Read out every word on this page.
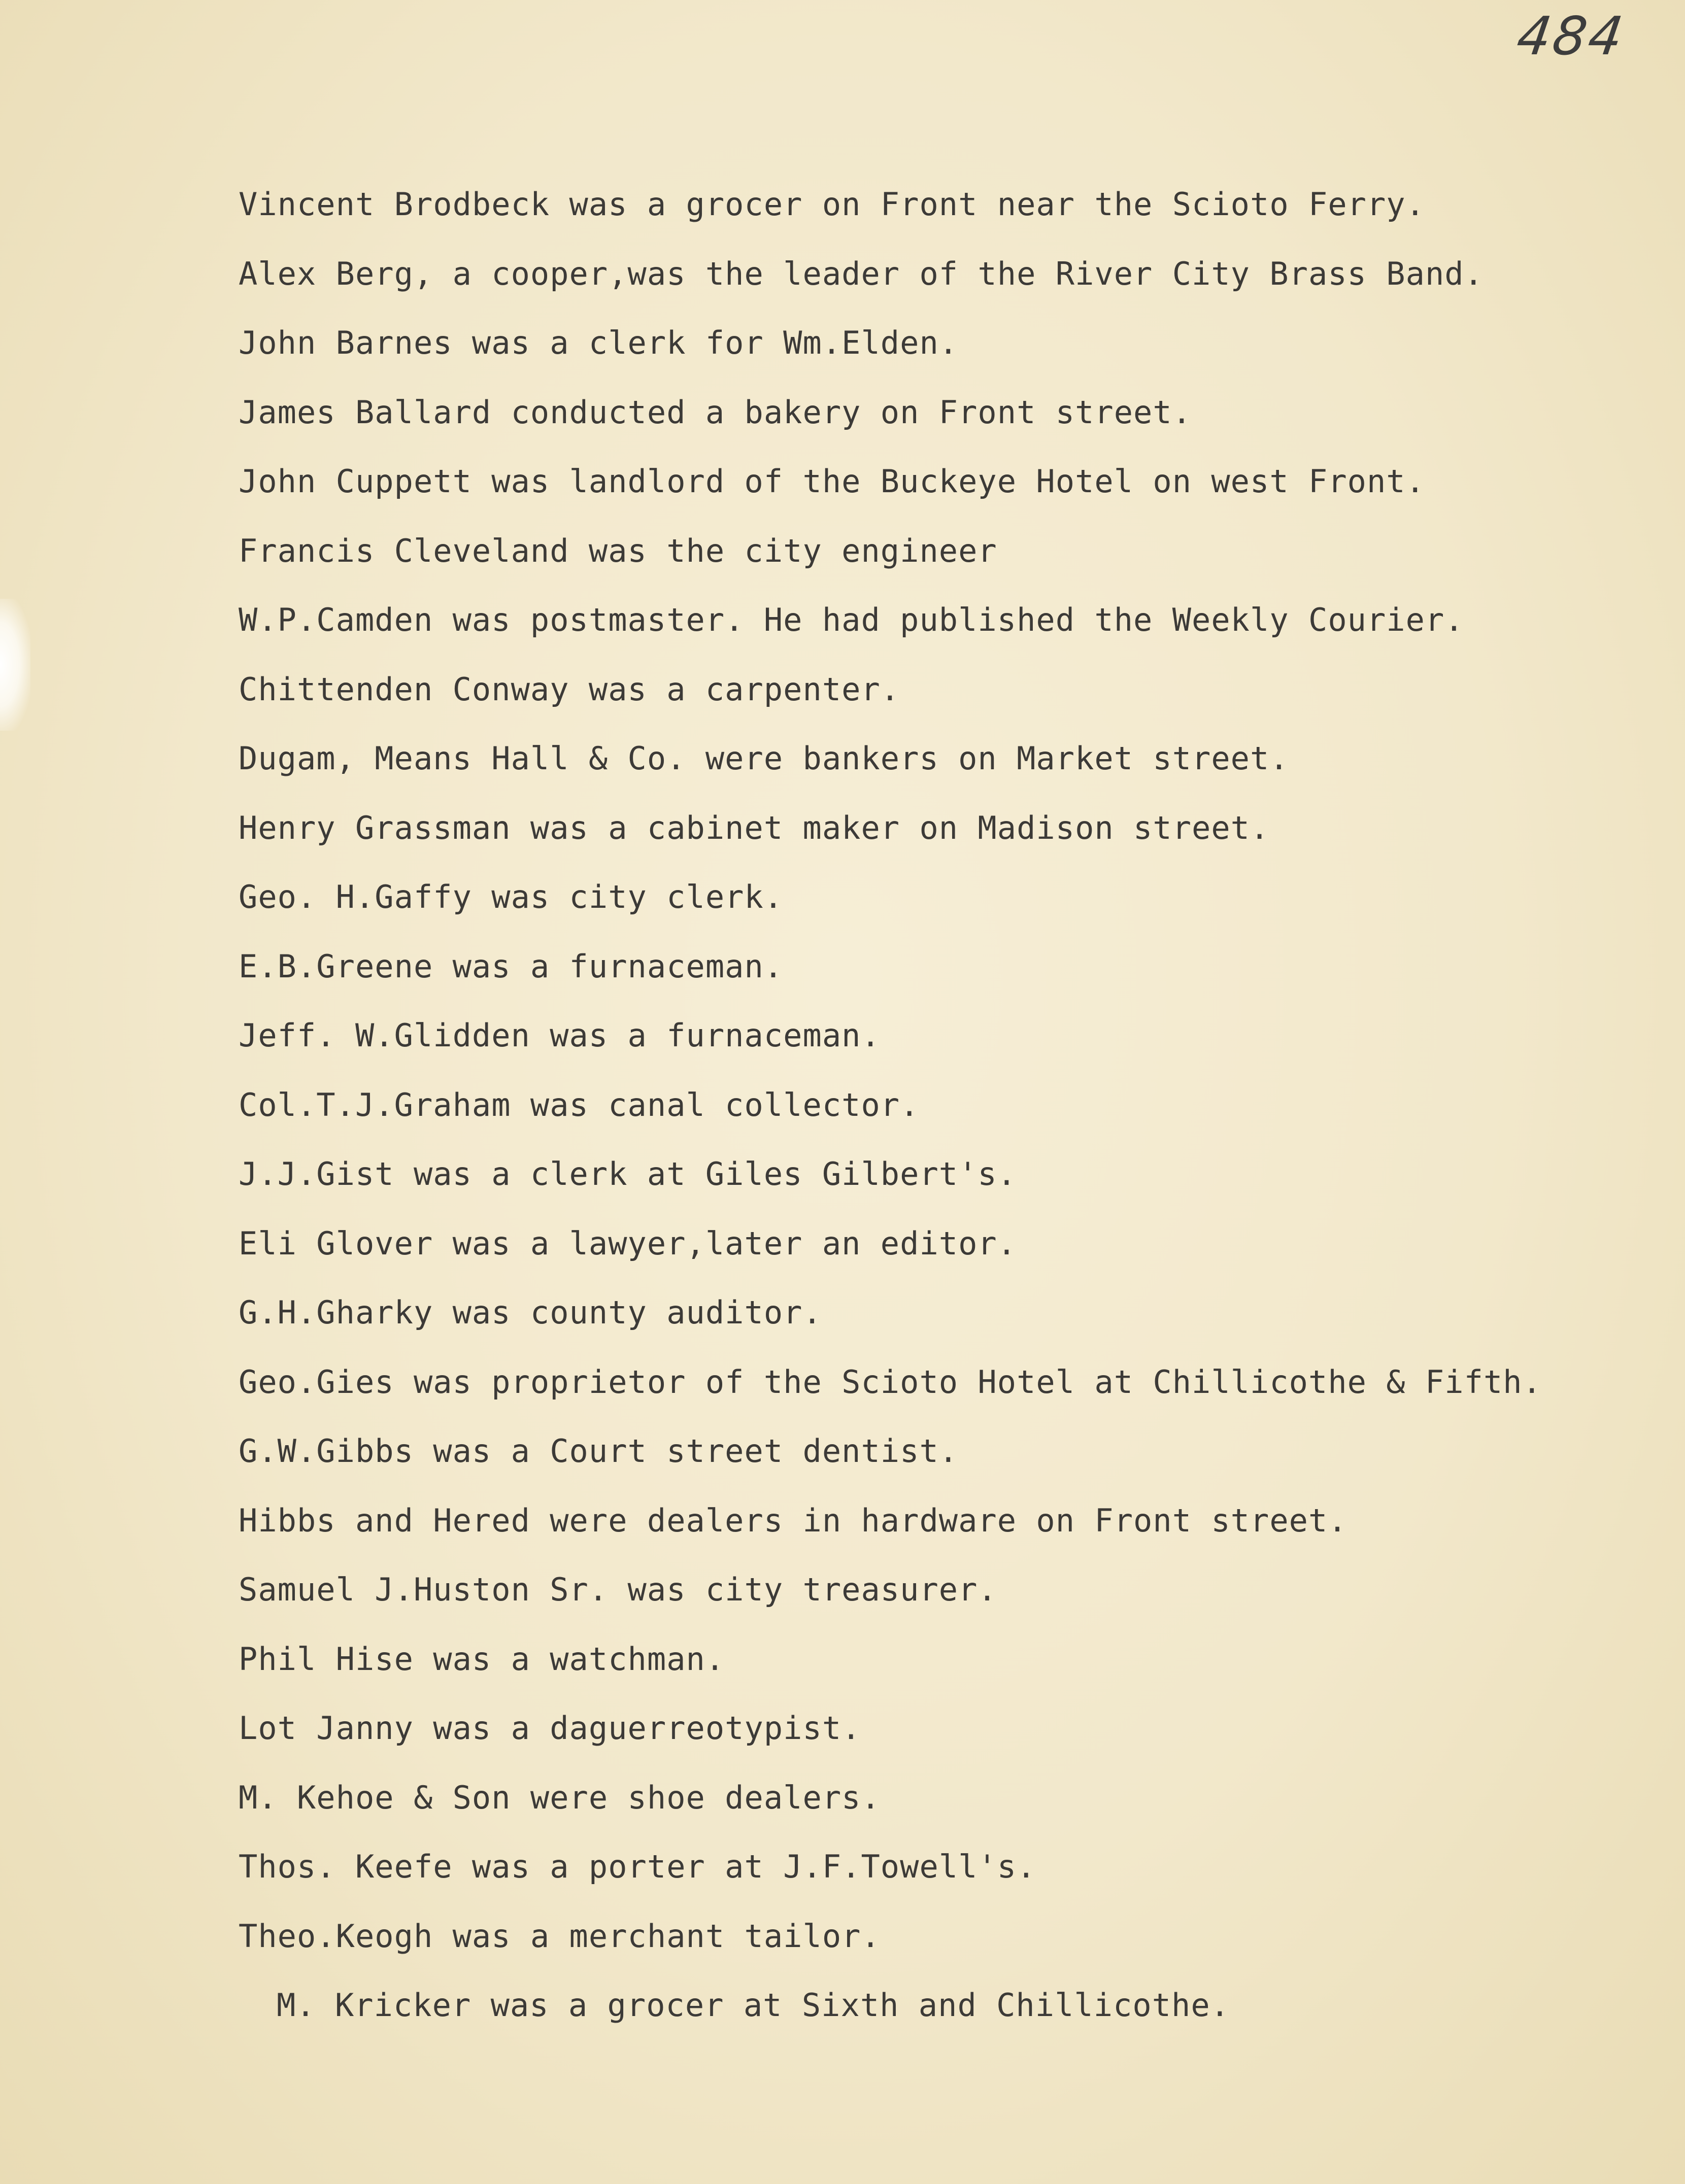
484
Vincent Brodbeck was a grocer on Front near the Scioto Ferry.
Alex Berg, a cooper,was the leader of the River City Brass Band.
John Barnes was a clerk for Wm.Elden.
James Ballard conducted a bakery on Front street.
John Cuppett was landlord of the Buckeye Hotel on west Front.
Francis Cleveland was the city engineer
W.P.Camden was postmaster. He had published the Weekly Courier.
Chittenden Conway was a carpenter.
Dugam, Means Hall & Co. were bankers on Market street.
Henry Grassman was a cabinet maker on Madison street.
Geo. H.Gaffy was city clerk.
E.B.Greene was a furnaceman.
Jeff. W.Glidden was a furnaceman.
Col.T.J.Graham was canal collector.
J.J.Gist was a clerk at Giles Gilbert's.
Eli Glover was a lawyer,later an editor.
G.H.Gharky was county auditor.
Geo.Gies was proprietor of the Scioto Hotel at Chillicothe & Fifth.
G.W.Gibbs was a Court street dentist.
Hibbs and Hered were dealers in hardware on Front street.
Samuel J.Huston Sr. was city treasurer.
Phil Hise was a watchman.
Lot Janny was a daguerreotypist.
M. Kehoe & Son were shoe dealers.
Thos. Keefe was a porter at J.F.Towell's.
Theo.Keogh was a merchant tailor.
M. Kricker was a grocer at Sixth and Chillicothe.
